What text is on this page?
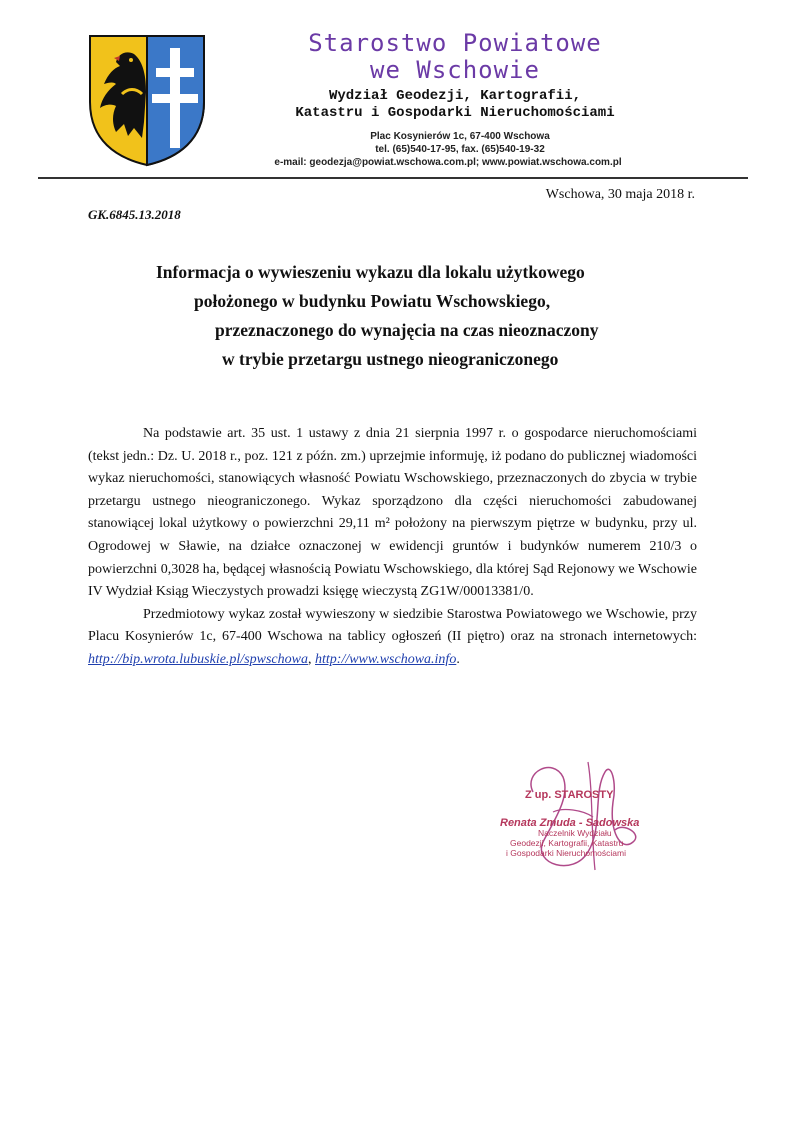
Starostwo Powiatowe
we Wschowie
Wydział Geodezji, Kartografii,
Katastru i Gospodarki Nieruchomościami
Plac Kosynierów 1c, 67-400 Wschowa
tel. (65)540-17-95, fax. (65)540-19-32
e-mail: geodezja@powiat.wschowa.com.pl; www.powiat.wschowa.com.pl
Wschowa, 30 maja 2018 r.
GK.6845.13.2018
Informacja o wywieszeniu wykazu dla lokalu użytkowego
położonego w budynku Powiatu Wschowskiego,
przeznaczonego do wynajęcia na czas nieoznaczony
w trybie przetargu ustnego nieograniczonego

Na podstawie art. 35 ust. 1 ustawy z dnia 21 sierpnia 1997 r. o gospodarce nieruchomościami (tekst jedn.: Dz. U. 2018 r., poz. 121 z późn. zm.) uprzejmie informuję, iż podano do publicznej wiadomości wykaz nieruchomości, stanowiących własność Powiatu Wschowskiego, przeznaczonych do zbycia w trybie przetargu ustnego nieograniczonego. Wykaz sporządzono dla części nieruchomości zabudowanej stanowiącej lokal użytkowy o powierzchni 29,11 m² położony na pierwszym piętrze w budynku, przy ul. Ogrodowej w Sławie, na działce oznaczonej w ewidencji gruntów i budynków numerem 210/3 o powierzchni 0,3028 ha, będącej własnością Powiatu Wschowskiego, dla której Sąd Rejonowy we Wschowie IV Wydział Ksiąg Wieczystych prowadzi księgę wieczystą ZG1W/00013381/0.

Przedmiotowy wykaz został wywieszony w siedzibie Starostwa Powiatowego we Wschowie, przy Placu Kosynierów 1c, 67-400 Wschowa na tablicy ogłoszeń (II piętro) oraz na stronach internetowych: http://bip.wrota.lubuskie.pl/spwschowa, http://www.wschowa.info.

Z up. STAROSTY
Renata Zmuda - Sadowska
Naczelnik Wydziału
Geodezji, Kartografii, Katastru
i Gospodarki Nieruchomościami
